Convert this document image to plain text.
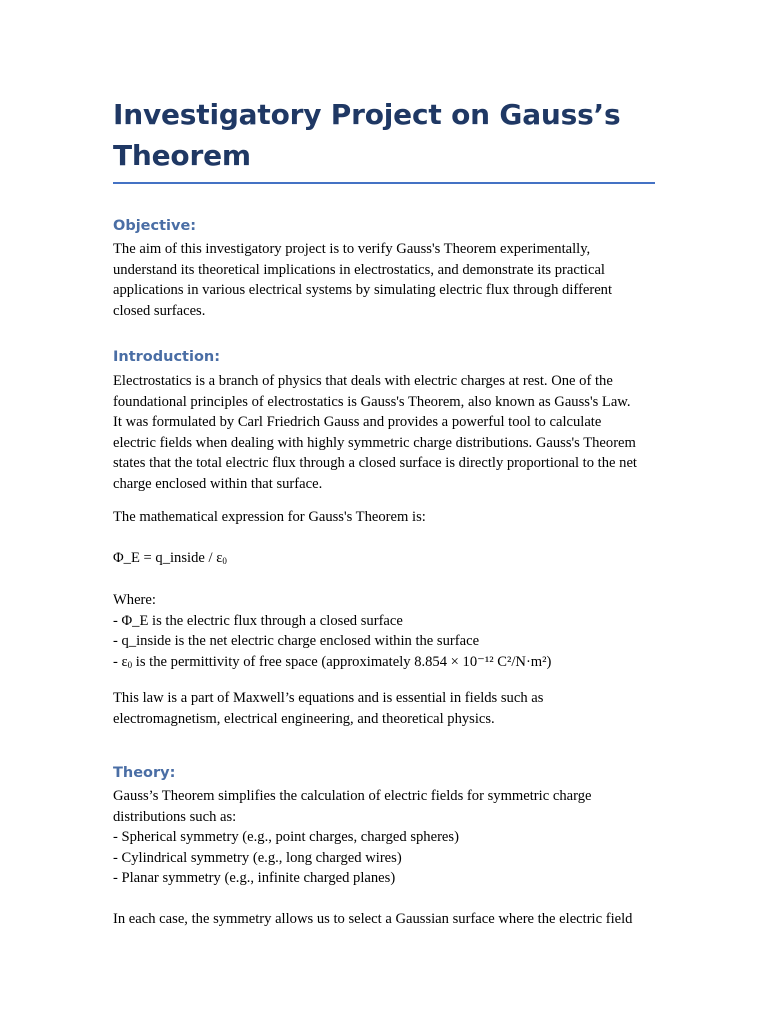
Investigatory Project on Gauss’s Theorem
Objective:

The aim of this investigatory project is to verify Gauss's Theorem experimentally,
understand its theoretical implications in electrostatics, and demonstrate its practical
applications in various electrical systems by simulating electric flux through different
closed surfaces.

Introduction:

Electrostatics is a branch of physics that deals with electric charges at rest. One of the
foundational principles of electrostatics is Gauss's Theorem, also known as Gauss's Law.
It was formulated by Carl Friedrich Gauss and provides a powerful tool to calculate
electric fields when dealing with highly symmetric charge distributions. Gauss's Theorem
states that the total electric flux through a closed surface is directly proportional to the net
charge enclosed within that surface.

The mathematical expression for Gauss's Theorem is:

Φ_E = q_inside / $\varepsilon_0$

Where:
- Φ_E is the electric flux through a closed surface
- q_inside is the net electric charge enclosed within the surface
- $\varepsilon_0$ is the permittivity of free space (approximately 8.854 × 10⁻¹² C²/N·m²)

This law is a part of Maxwell’s equations and is essential in fields such as
electromagnetism, electrical engineering, and theoretical physics.

Theory:

Gauss’s Theorem simplifies the calculation of electric fields for symmetric charge
distributions such as:
- Spherical symmetry (e.g., point charges, charged spheres)
- Cylindrical symmetry (e.g., long charged wires)
- Planar symmetry (e.g., infinite charged planes)

In each case, the symmetry allows us to select a Gaussian surface where the electric field
